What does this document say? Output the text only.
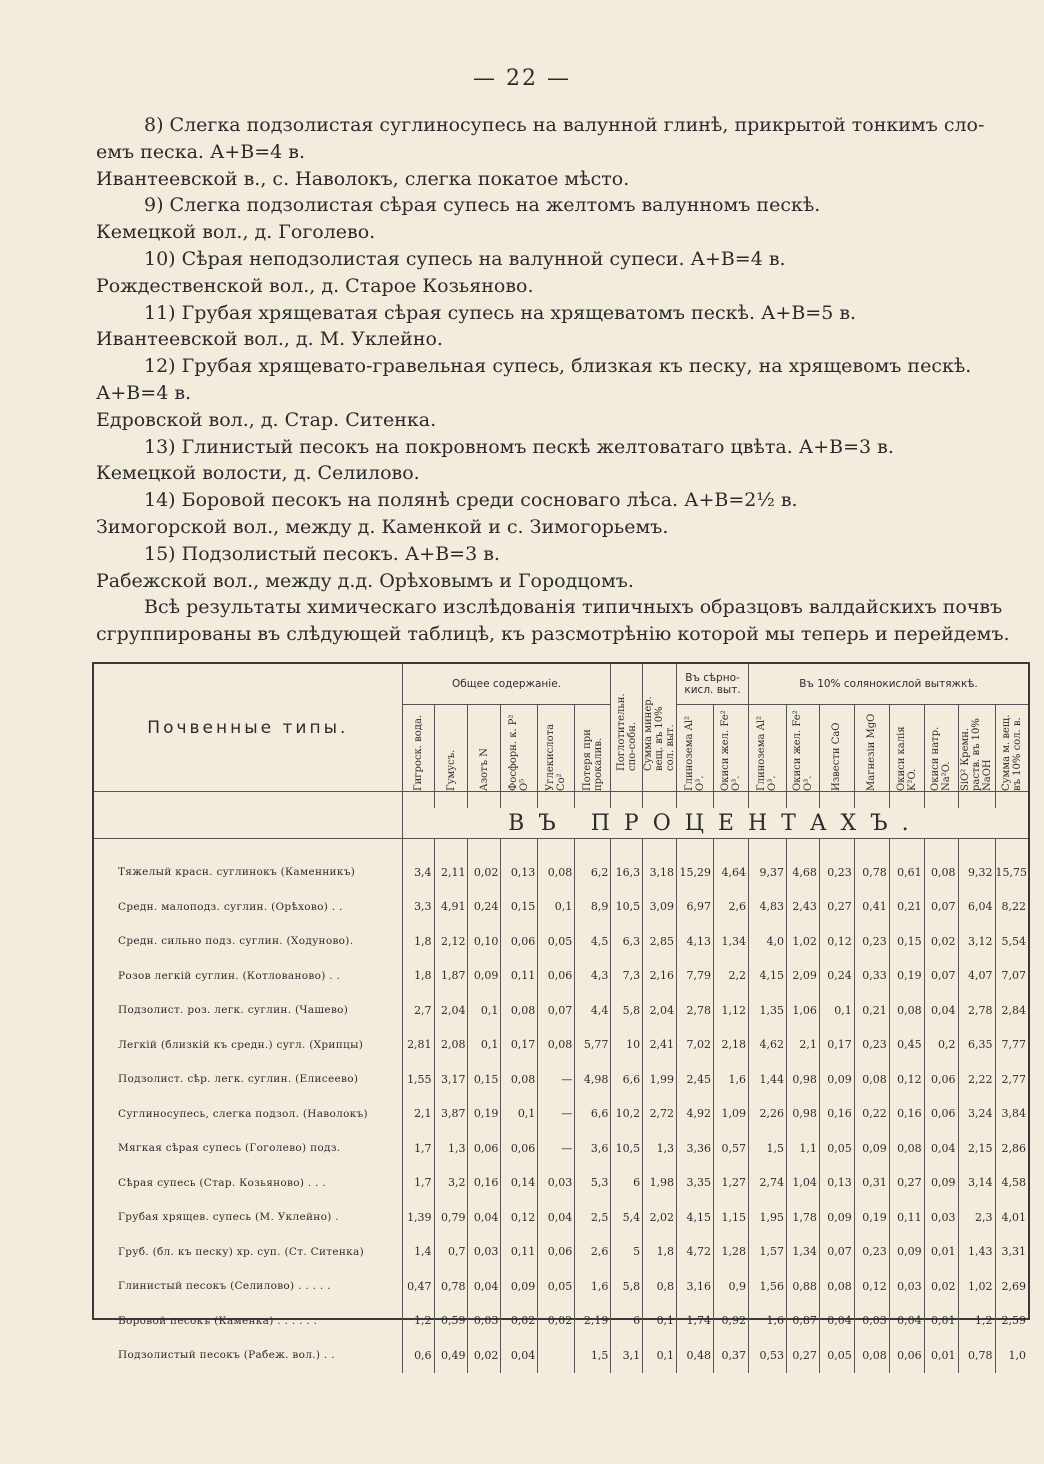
— 22 —

8) Слегка подзолистая суглиносупесь на валунной глинѣ, прикрытой тонкимъ сло-

емъ песка. А+В=4 в.

Ивантеевской в., с. Наволокъ, слегка покатое мѣсто.

9) Слегка подзолистая сѣрая супесь на желтомъ валунномъ пескѣ.

Кемецкой вол., д. Гоголево.

10) Сѣрая неподзолистая супесь на валунной супеси. А+В=4 в.

Рождественской вол., д. Старое Козьяново.

11) Грубая хрящеватая сѣрая супесь на хрящеватомъ пескѣ. А+В=5 в.

Ивантеевской вол., д. М. Уклейно.

12) Грубая хрящевато-гравельная супесь, близкая къ песку, на хрящевомъ пескѣ.

А+В=4 в.

Едровской вол., д. Стар. Ситенка.

13) Глинистый песокъ на покровномъ пескѣ желтоватаго цвѣта. А+В=3 в.

Кемецкой волости, д. Селилово.

14) Боровой песокъ на полянѣ среди сосноваго лѣса. А+В=2½ в.

Зимогорской вол., между д. Каменкой и с. Зимогорьемъ.

15) Подзолистый песокъ. А+В=3 в.

Рабежской вол., между д.д. Орѣховымъ и Городцомъ.

Всѣ результаты химическаго изслѣдованія типичныхъ образцовъ валдайскихъ почвъ

сгруппированы въ слѣдующей таблицѣ, къ разсмотрѣнію которой мы теперь и перейдемъ.

Почвенные типы.	Общее содержаніе.						Поглотительн. спо-собн.	Сумма минер. вещ. въ 10% сол. выт.	Въ сѣрно-кисл. выт.		Въ 10% солянокислой вытяжкѣ.							

	Гигроск. вода.	Гумусъ.	Азотъ N	Фосфорн. к. P² O⁵	Углекислота Co²	Потеря при прокалив.			Глинозема Al² O³.	Окиси жел. Fe² O³.	Глинозема Al² O³.	Окиси жел. Fe² O³.	Извести CaO	Магнезіи MgO	Окиси калія K²O.	Окиси натр. Na²O.	SiO² Кремн. раств. въ 10% NaOH	Сумма м. вещ. въ 10% сол. в.

	ВЪ ПРОЦЕНТАХЪ.																	

Тяжелый красн. суглинокъ (Каменникъ)	3,4	2,11	0,02	0,13	0,08	6,2	16,3	3,18	15,29	4,64	9,37	4,68	0,23	0,78	0,61	0,08	9,32	15,75
Средн. малоподз. суглин. (Орѣхово) . .	3,3	4,91	0,24	0,15	0,1	8,9	10,5	3,09	6,97	2,6	4,83	2,43	0,27	0,41	0,21	0,07	6,04	8,22
Средн. сильно подз. суглин. (Ходуново).	1,8	2,12	0,10	0,06	0,05	4,5	6,3	2,85	4,13	1,34	4,0	1,02	0,12	0,23	0,15	0,02	3,12	5,54
Розов легкій суглин. (Котлованово) . .	1,8	1,87	0,09	0,11	0,06	4,3	7,3	2,16	7,79	2,2	4,15	2,09	0,24	0,33	0,19	0,07	4,07	7,07
Подзолист. роз. легк. суглин. (Чашево)	2,7	2,04	0,1	0,08	0,07	4,4	5,8	2,04	2,78	1,12	1,35	1,06	0,1	0,21	0,08	0,04	2,78	2,84
Легкій (близкій къ средн.) сугл. (Хрипцы)	2,81	2,08	0,1	0,17	0,08	5,77	10	2,41	7,02	2,18	4,62	2,1	0,17	0,23	0,45	0,2	6,35	7,77
Подзолист. сѣр. легк. суглин. (Елисеево)	1,55	3,17	0,15	0,08	—	4,98	6,6	1,99	2,45	1,6	1,44	0,98	0,09	0,08	0,12	0,06	2,22	2,77
Суглиносупесь, слегка подзол. (Наволокъ)	2,1	3,87	0,19	0,1	—	6,6	10,2	2,72	4,92	1,09	2,26	0,98	0,16	0,22	0,16	0,06	3,24	3,84
Мягкая сѣрая супесь (Гоголево) подз.	1,7	1,3	0,06	0,06	—	3,6	10,5	1,3	3,36	0,57	1,5	1,1	0,05	0,09	0,08	0,04	2,15	2,86
Сѣрая супесь (Стар. Козьяново) . . .	1,7	3,2	0,16	0,14	0,03	5,3	6	1,98	3,35	1,27	2,74	1,04	0,13	0,31	0,27	0,09	3,14	4,58
Грубая хрящев. супесь (М. Уклейно) .	1,39	0,79	0,04	0,12	0,04	2,5	5,4	2,02	4,15	1,15	1,95	1,78	0,09	0,19	0,11	0,03	2,3	4,01
Груб. (бл. къ песку) хр. суп. (Ст. Ситенка)	1,4	0,7	0,03	0,11	0,06	2,6	5	1,8	4,72	1,28	1,57	1,34	0,07	0,23	0,09	0,01	1,43	3,31
Глинистый песокъ (Селилово) . . . . .	0,47	0,78	0,04	0,09	0,05	1,6	5,8	0,8	3,16	0,9	1,56	0,88	0,08	0,12	0,03	0,02	1,02	2,69
Боровой песокъ (Каменка) . . . . . .	1,2	0,59	0,03	0,02	0,02	2,19	6	0,1	1,74	0,92	1,6	0,87	0,04	0,03	0,04	0,01	1,2	2,59
Подзолистый песокъ (Рабеж. вол.) . .	0,6	0,49	0,02	0,04		1,5	3,1	0,1	0,48	0,37	0,53	0,27	0,05	0,08	0,06	0,01	0,78	1,0
